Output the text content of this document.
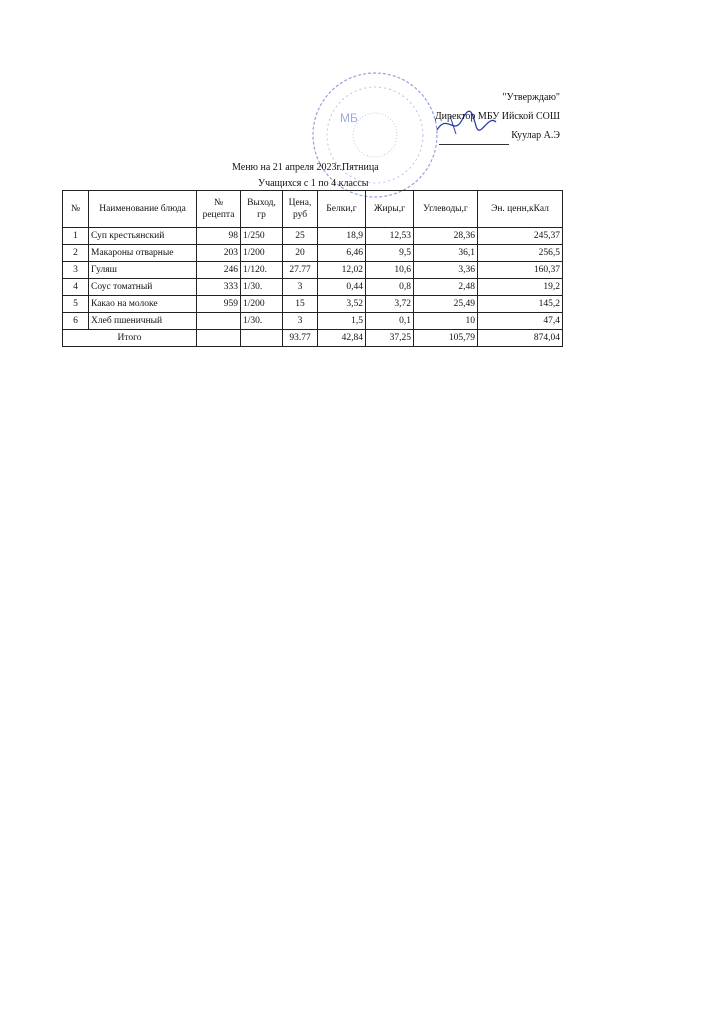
МБ
"Утверждаю"
Директор МБУ Ийской СОШ
Куулар А.Э
Меню на 21 апреля 2023г.Пятница
Учащихся с 1 по 4 классы
№	Наименование блюда	№ рецепта	Выход, гр	Цена, руб	Белки,г	Жиры,г	Углеводы,г	Эн. ценн,кКал
1	Суп крестьянский	98	1/250	25	18,9	12,53	28,36	245,37
2	Макароны отварные	203	1/200	20	6,46	9,5	36,1	256,5
3	Гуляш	246	1/120.	27.77	12,02	10,6	3,36	160,37
4	Соус томатный	333	1/30.	3	0,44	0,8	2,48	19,2
5	Какао на молоке	959	1/200	15	3,52	3,72	25,49	145,2
6	Хлеб пшеничный		1/30.	3	1,5	0,1	10	47,4
Итого				93.77	42,84	37,25	105,79	874,04
